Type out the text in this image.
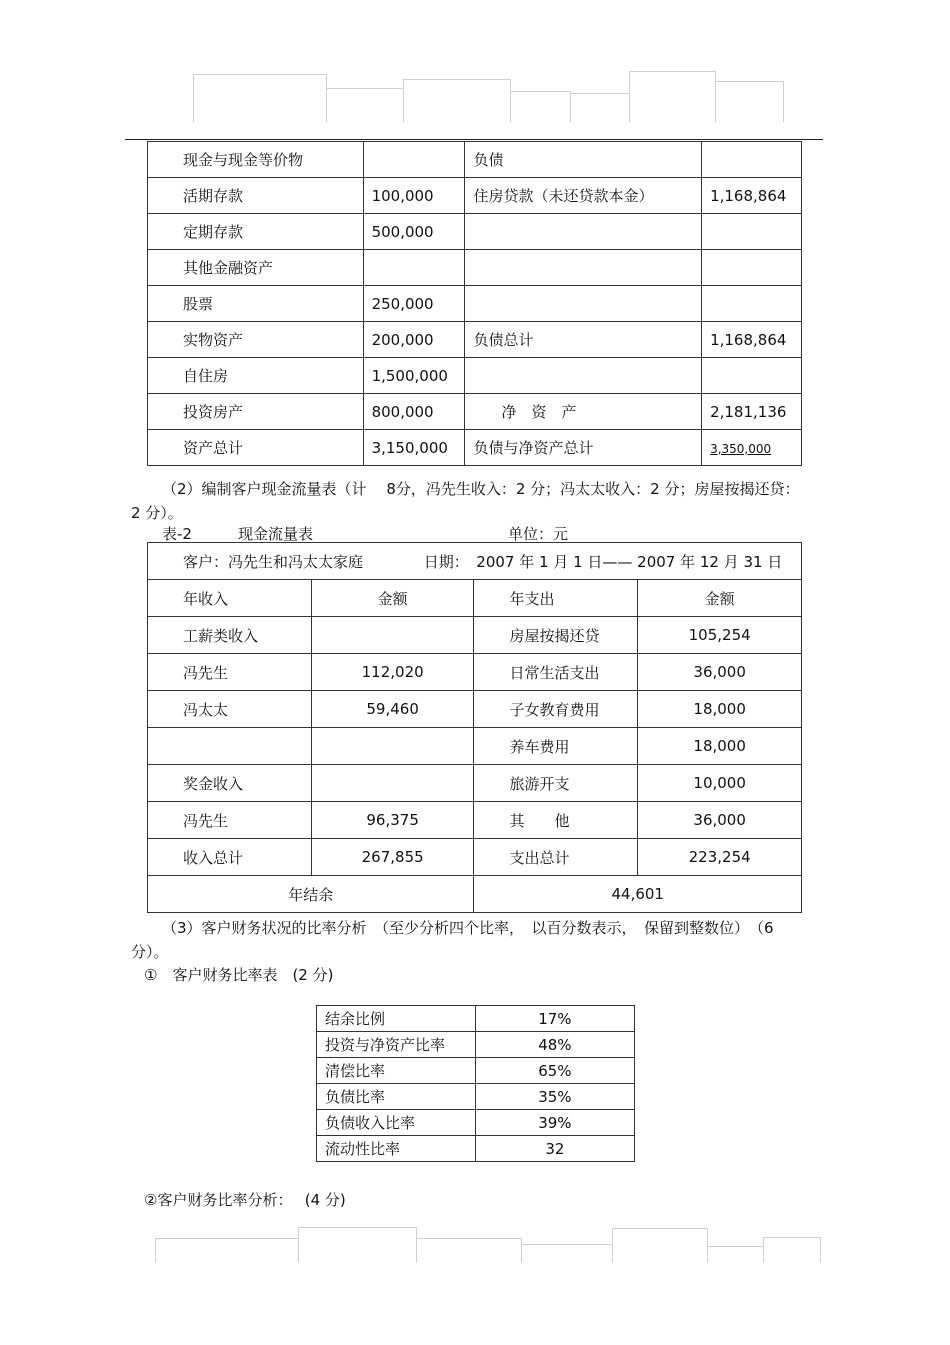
现金与现金等价物		负债	
活期存款	100,000	住房贷款（未还贷款本金）	1,168,864
定期存款	500,000		
其他金融资产			
股票	250,000		
实物资产	200,000	负债总计	1,168,864
自住房	1,500,000		
投资房产	800,000	净　资　产	2,181,136
资产总计	3,150,000	负债与净资产总计	3,350,000
（2）编制客户现金流量表（计　 8分，冯先生收入：2 分；冯太太收入：2 分；房屋按揭还贷：
2 分）。
表-2	现金流量表	单位：元
客户：冯先生和冯太太家庭 日期：　2007 年 1 月 1 日—— 2007 年 12 月 31 日			
年收入	金额	年支出	金额
工薪类收入		房屋按揭还贷	105,254
冯先生	112,020	日常生活支出	36,000
冯太太	59,460	子女教育费用	18,000
		养车费用	18,000
奖金收入		旅游开支	10,000
冯先生	96,375	其　　他	36,000
收入总计	267,855	支出总计	223,254
年结余		44,601	
（3）客户财务状况的比率分析　（至少分析四个比率，　以百分数表示，　保留到整数位）　（6
分）。
①　客户财务比率表　(2 分)
结余比例	17%
投资与净资产比率	48%
清偿比率	65%
负债比率	35%
负债收入比率	39%
流动性比率	32
②客户财务比率分析：　 (4 分)
